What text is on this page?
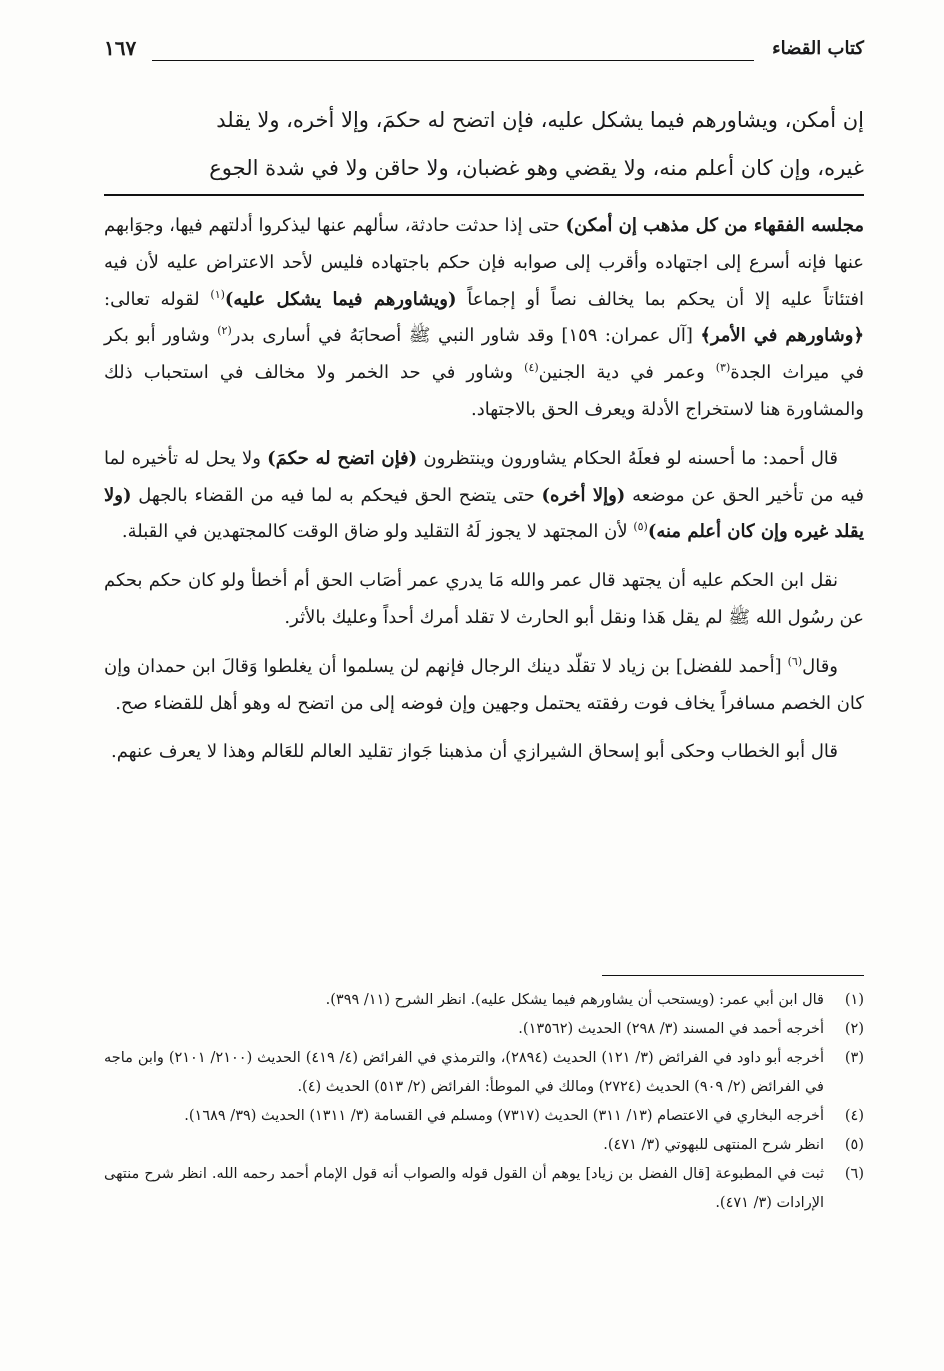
كتاب القضاء
١٦٧

إن أمكن، ويشاورهم فيما يشكل عليه، فإن اتضح له حكمَ، وإلا أخره، ولا يقلد

غيره، وإن كان أعلم منه، ولا يقضي وهو غضبان، ولا حاقن ولا في شدة الجوع

مجلسه الفقهاء من كل مذهب إن أمكن) حتى إذا حدثت حادثة، سألهم عنها ليذكروا أدلتهم فيها، وجوَابهم عنها فإنه أسرع إلى اجتهاده وأقرب إلى صوابه فإن حكم باجتهاده فليس لأحد الاعتراض عليه لأن فيه افتئاتاً عليه إلا أن يحكم بما يخالف نصاً أو إجماعاً (ويشاورهم فيما يشكل عليه)$^{(١)}$ لقوله تعالى: ﴿وشاورهم في الأمر﴾ [آل عمران: ١٥٩] وقد شاور النبي ﷺ أصحابَهُ في أسارى بدر$^{(٢)}$ وشاور أبو بكر في ميراث الجدة$^{(٣)}$ وعمر في دية الجنين$^{(٤)}$ وشاور في حد الخمر ولا مخالف في استحباب ذلك والمشاورة هنا لاستخراج الأدلة ويعرف الحق بالاجتهاد.

قال أحمد: ما أحسنه لو فعلَهُ الحكام يشاورون وينتظرون (فإن اتضح له حكمَ) ولا يحل له تأخيره لما فيه من تأخير الحق عن موضعه (وإلا أخره) حتى يتضح الحق فيحكم به لما فيه من القضاء بالجهل (ولا يقلد غيره وإن كان أعلم منه)$^{(٥)}$ لأن المجتهد لا يجوز لَهُ التقليد ولو ضاق الوقت كالمجتهدين في القبلة.

نقل ابن الحكم عليه أن يجتهد قال عمر والله مَا يدري عمر أصَاب الحق أم أخطأ ولو كان حكم بحكم عن رسُول الله ﷺ لم يقل هَذا ونقل أبو الحارث لا تقلد أمرك أحداً وعليك بالأثر.

وقال$^{(٦)}$ [أحمد للفضل] بن زياد لا تقلّد دينك الرجال فإنهم لن يسلموا أن يغلطوا وَقالَ ابن حمدان وإن كان الخصم مسافراً يخاف فوت رفقته يحتمل وجهين وإن فوضه إلى من اتضح له وهو أهل للقضاء صح.

قال أبو الخطاب وحكى أبو إسحاق الشيرازي أن مذهبنا جَواز تقليد العالم للعَالم وهذا لا يعرف عنهم.

(١)
قال ابن أبي عمر: (ويستحب أن يشاورهم فيما يشكل عليه). انظر الشرح (١١/ ٣٩٩).
(٢)
أخرجه أحمد في المسند (٣/ ٢٩٨) الحديث (١٣٥٦٢).
(٣)
أخرجه أبو داود في الفرائض (٣/ ١٢١) الحديث (٢٨٩٤)، والترمذي في الفرائض (٤/ ٤١٩) الحديث (٢١٠٠/ ٢١٠١) وابن ماجه في الفرائض (٢/ ٩٠٩) الحديث (٢٧٢٤) ومالك في الموطأ: الفرائض (٢/ ٥١٣) الحديث (٤).
(٤)
أخرجه البخاري في الاعتصام (١٣/ ٣١١) الحديث (٧٣١٧) ومسلم في القسامة (٣/ ١٣١١) الحديث (٣٩/ ١٦٨٩).
(٥)
انظر شرح المنتهى للبهوتي (٣/ ٤٧١).
(٦)
ثبت في المطبوعة [قال الفضل بن زياد] يوهم أن القول قوله والصواب أنه قول الإمام أحمد رحمه الله. انظر شرح منتهى الإرادات (٣/ ٤٧١).
